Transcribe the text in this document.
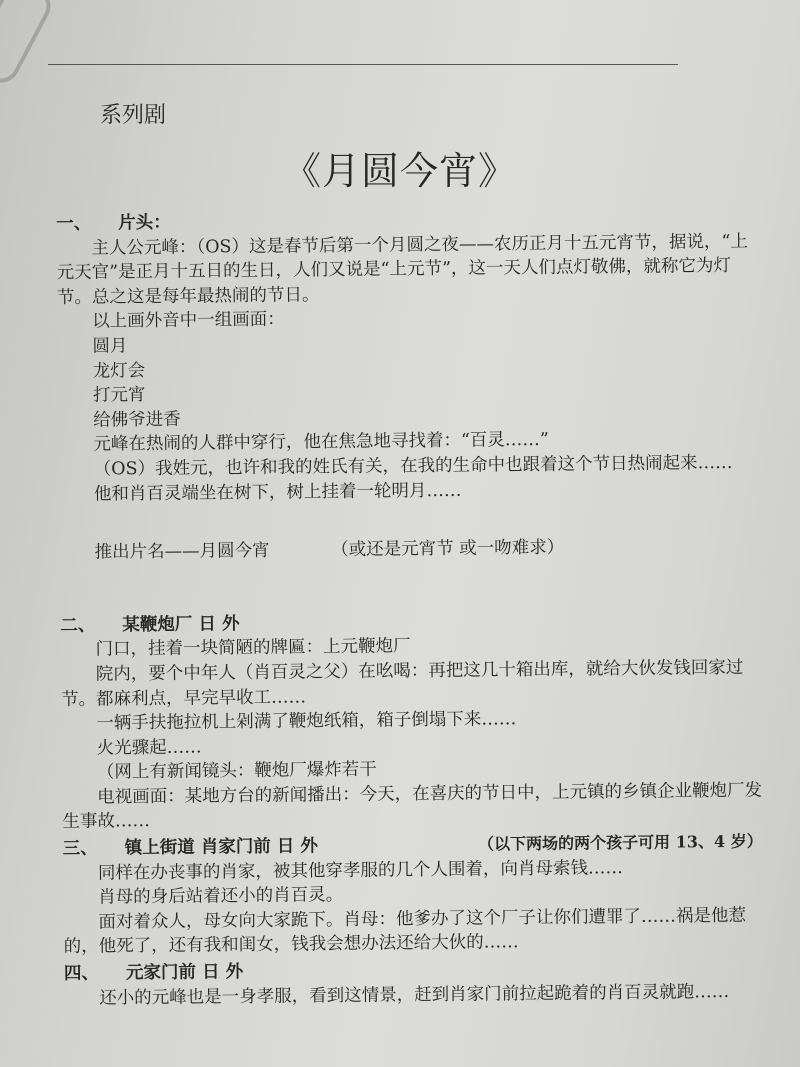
系列剧
《月圆今宵》
一、	片头：

主人公元峰：（OS）这是春节后第一个月圆之夜——农历正月十五元宵节，据说，“上元天官”是正月十五日的生日，人们又说是“上元节”，这一天人们点灯敬佛，就称它为灯节。总之这是每年最热闹的节日。

以上画外音中一组画面：

圆月

龙灯会

打元宵

给佛爷进香

元峰在热闹的人群中穿行，他在焦急地寻找着：“百灵……”

（OS）我姓元，也许和我的姓氏有关，在我的生命中也跟着这个节日热闹起来……

他和肖百灵端坐在树下，树上挂着一轮明月……

推出片名——月圆今宵	（或还是元宵节 或一吻难求）

二、	某鞭炮厂 日 外

门口，挂着一块简陋的牌匾：上元鞭炮厂

院内，要个中年人（肖百灵之父）在吆喝：再把这几十箱出库，就给大伙发钱回家过节。都麻利点，早完早收工……

一辆手扶拖拉机上剁满了鞭炮纸箱，箱子倒塌下来……

火光骤起……

（网上有新闻镜头：鞭炮厂爆炸若干

电视画面：某地方台的新闻播出：今天，在喜庆的节日中，上元镇的乡镇企业鞭炮厂发生事故……

三、	镇上街道 肖家门前 日 外	（以下两场的两个孩子可用 13、4 岁）

同样在办丧事的肖家，被其他穿孝服的几个人围着，向肖母索钱……

肖母的身后站着还小的肖百灵。

面对着众人，母女向大家跪下。肖母：他爹办了这个厂子让你们遭罪了……祸是他惹的，他死了，还有我和闺女，钱我会想办法还给大伙的……

四、	元家门前 日 外

还小的元峰也是一身孝服，看到这情景，赶到肖家门前拉起跪着的肖百灵就跑……
